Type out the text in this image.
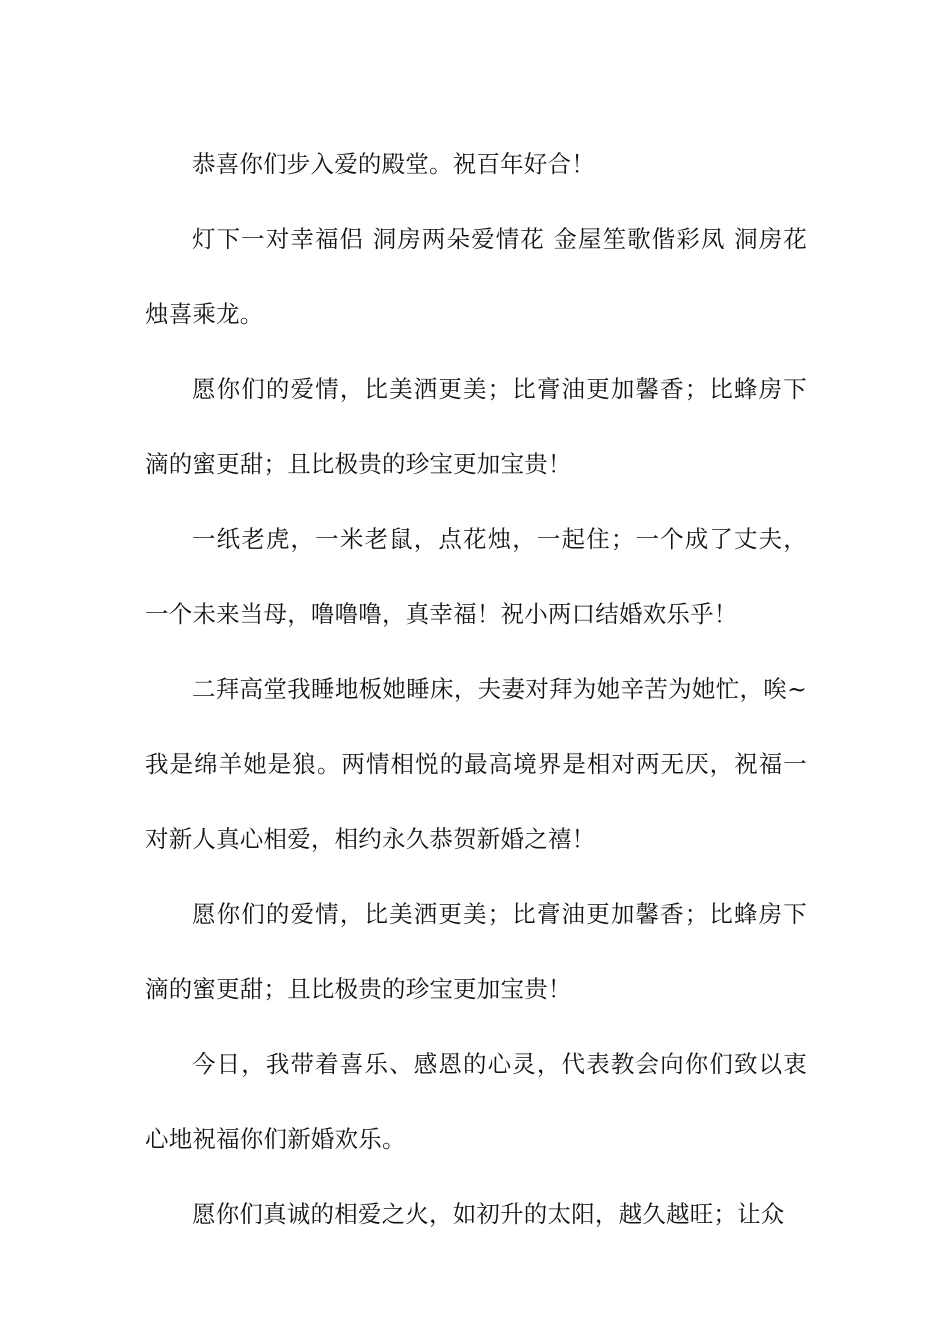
恭喜你们步入爱的殿堂。祝百年好合！

灯下一对幸福侣 洞房两朵爱情花 金屋笙歌偕彩凤 洞房花烛喜乘龙。

愿你们的爱情，比美洒更美；比膏油更加馨香；比蜂房下滴的蜜更甜；且比极贵的珍宝更加宝贵！

一纸老虎，一米老鼠，点花烛，一起住；一个成了丈夫，一个未来当母，噜噜噜，真幸福！祝小两口结婚欢乐乎！

二拜高堂我睡地板她睡床，夫妻对拜为她辛苦为她忙，唉~我是绵羊她是狼。两情相悦的最高境界是相对两无厌，祝福一对新人真心相爱，相约永久恭贺新婚之禧！

愿你们的爱情，比美洒更美；比膏油更加馨香；比蜂房下滴的蜜更甜；且比极贵的珍宝更加宝贵！

今日，我带着喜乐、感恩的心灵，代表教会向你们致以衷心地祝福你们新婚欢乐。

愿你们真诚的相爱之火，如初升的太阳，越久越旺；让众
